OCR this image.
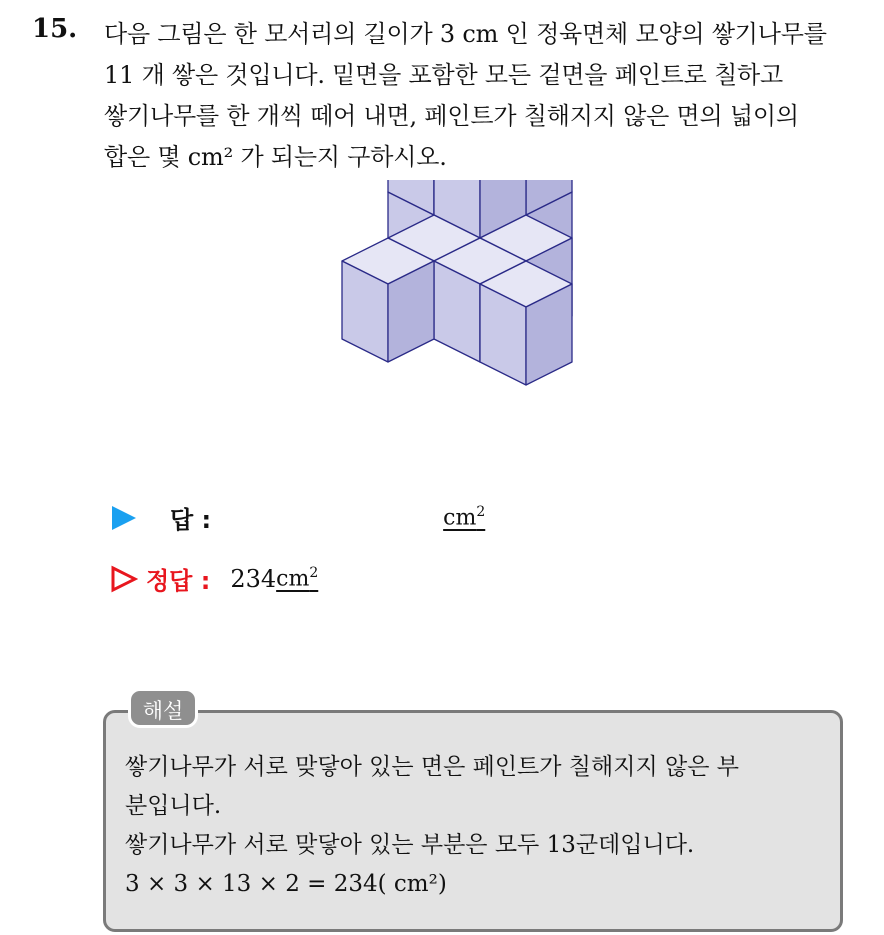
15. 다음 그림은 한 모서리의 길이가 3 cm 인 정육면체 모양의 쌓기나무를
11 개 쌓은 것입니다. 밑면을 포함한 모든 겉면을 페인트로 칠하고
쌓기나무를 한 개씩 떼어 내면, 페인트가 칠해지지 않은 면의 넓이의
합은 몇 cm² 가 되는지 구하시오.
답 :	$cm^2$
정답 : 234 $cm^2$
해설
쌓기나무가 서로 맞닿아 있는 면은 페인트가 칠해지지 않은 부
분입니다.
쌓기나무가 서로 맞닿아 있는 부분은 모두 13군데입니다.
3 × 3 × 13 × 2 = 234( cm²)
